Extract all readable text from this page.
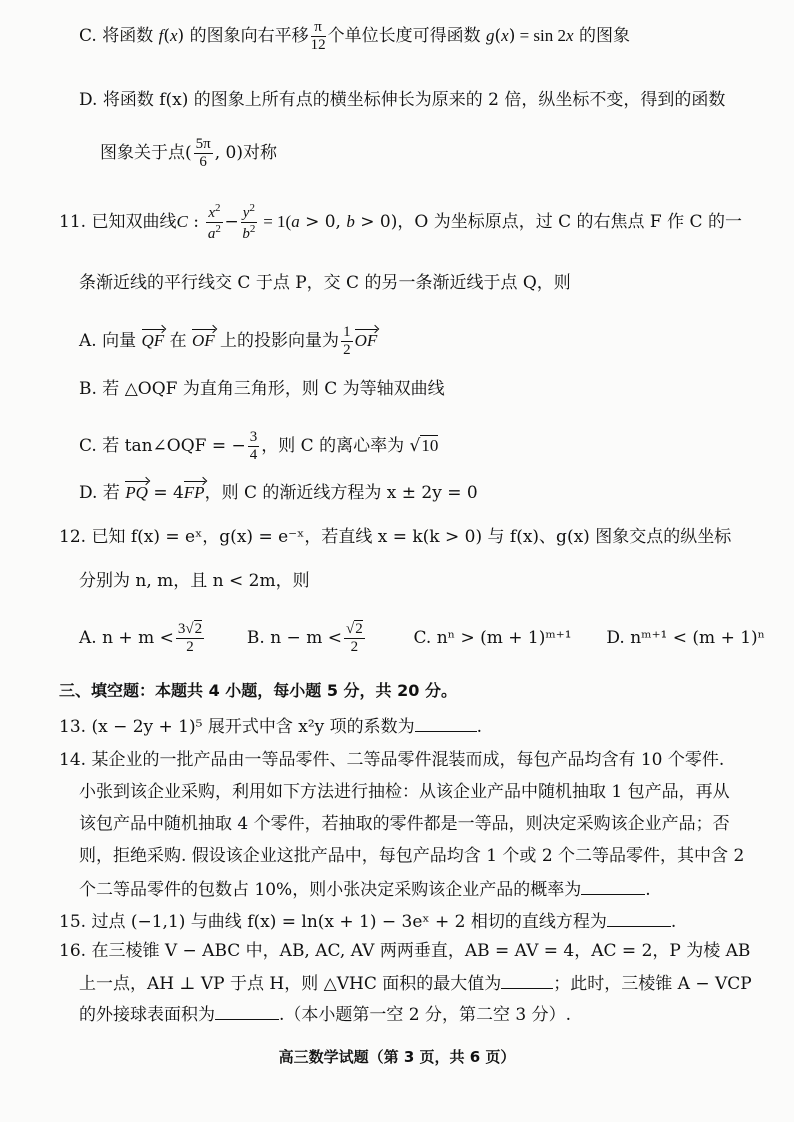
C. 将函数 f(x) 的图象向右平移 $\frac{\pi}{12}$ 个单位长度可得函数 g(x) = sin 2x 的图象
D. 将函数 f(x) 的图象上所有点的横坐标伸长为原来的 2 倍，纵坐标不变，得到的函数
图象关于点( $\frac{5\pi}{6}$ , 0)对称
11. 已知双曲线C : $\frac{x^2}{a^2} - \frac{y^2}{b^2} = 1(a > 0$, b > 0)，O 为坐标原点，过 C 的右焦点 F 作 C 的一
条渐近线的平行线交 C 于点 P，交 C 的另一条渐近线于点 Q，则
A. 向量 QF 在 OF 上的投影向量为 $\frac{1}{2}$ OF
B. 若 △OQF 为直角三角形，则 C 为等轴双曲线
C. 若 tan∠OQF = − $\frac{3}{4}$ ，则 C 的离心率为 √10
D. 若 PQ = 4FP，则 C 的渐近线方程为 x ± 2y = 0
12. 已知 f(x) = eˣ，g(x) = e⁻ˣ，若直线 x = k(k > 0) 与 f(x)、g(x) 图象交点的纵坐标
分别为 n, m，且 n < 2m，则
A. $n + m < \frac{3√2}{2}$	B. $n - m < \frac{√2}{2}$	C. nⁿ > (m + 1)ᵐ⁺¹ D. nᵐ⁺¹ < (m + 1)ⁿ
三、填空题：本题共 4 小题，每小题 5 分，共 20 分。
13. (x − 2y + 1)⁵ 展开式中含 x²y 项的系数为	.
14. 某企业的一批产品由一等品零件、二等品零件混装而成，每包产品均含有 10 个零件.
小张到该企业采购，利用如下方法进行抽检：从该企业产品中随机抽取 1 包产品，再从
该包产品中随机抽取 4 个零件，若抽取的零件都是一等品，则决定采购该企业产品；否
则，拒绝采购. 假设该企业这批产品中，每包产品均含 1 个或 2 个二等品零件，其中含 2
个二等品零件的包数占 10%，则小张决定采购该企业产品的概率为	.
15. 过点 (−1,1) 与曲线 f(x) = ln(x + 1) − 3eˣ + 2 相切的直线方程为	.
16. 在三棱锥 V − ABC 中，AB, AC, AV 两两垂直，AB = AV = 4，AC = 2，P 为棱 AB
上一点，AH ⊥ VP 于点 H，则 △VHC 面积的最大值为	；此时，三棱锥 A − VCP
的外接球表面积为	.（本小题第一空 2 分，第二空 3 分）.
高三数学试题（第 3 页，共 6 页）
